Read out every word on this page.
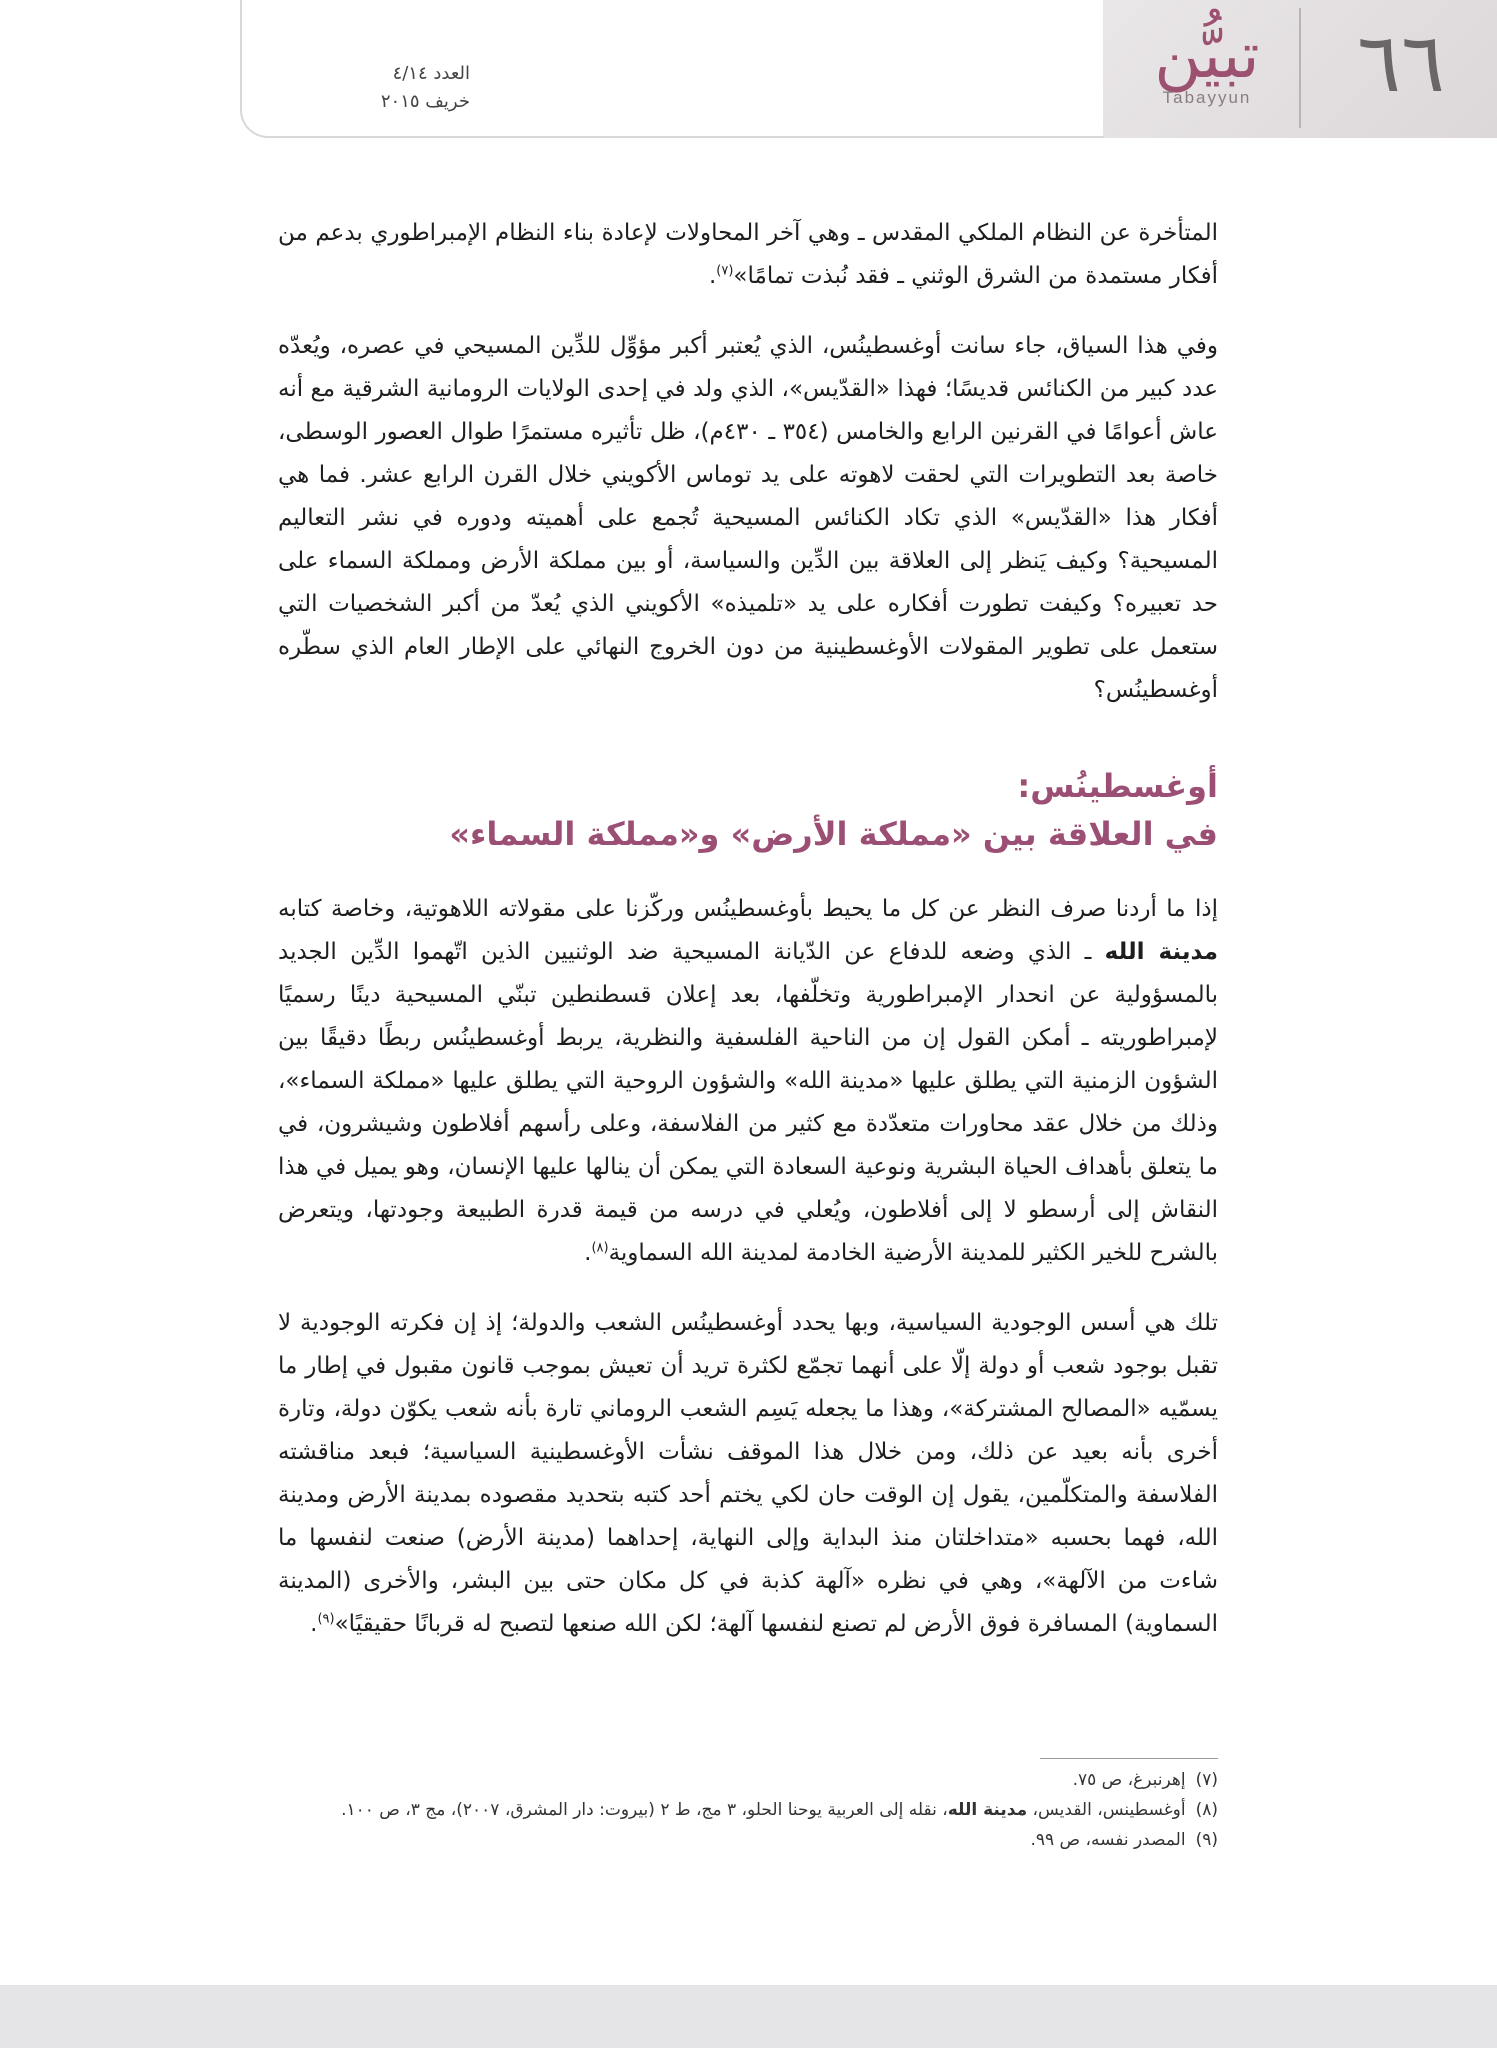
٦٦
تبيُّن
Tabayyun
العدد ٤/١٤
خريف ٢٠١٥

المتأخرة عن النظام الملكي المقدس ـ وهي آخر المحاولات لإعادة بناء النظام الإمبراطوري بدعم من أفكار مستمدة من الشرق الوثني ـ فقد نُبذت تمامًا»$^{(٧)}$.

وفي هذا السياق، جاء سانت أوغسطينُس، الذي يُعتبر أكبر مؤوِّل للدِّين المسيحي في عصره، ويُعدّه عدد كبير من الكنائس قديسًا؛ فهذا «القدّيس»، الذي ولد في إحدى الولايات الرومانية الشرقية مع أنه عاش أعوامًا في القرنين الرابع والخامس (٣٥٤ ـ ٤٣٠م)، ظل تأثيره مستمرًا طوال العصور الوسطى، خاصة بعد التطويرات التي لحقت لاهوته على يد توماس الأكويني خلال القرن الرابع عشر. فما هي أفكار هذا «القدّيس» الذي تكاد الكنائس المسيحية تُجمع على أهميته ودوره في نشر التعاليم المسيحية؟ وكيف يَنظر إلى العلاقة بين الدِّين والسياسة، أو بين مملكة الأرض ومملكة السماء على حد تعبيره؟ وكيفت تطورت أفكاره على يد «تلميذه» الأكويني الذي يُعدّ من أكبر الشخصيات التي ستعمل على تطوير المقولات الأوغسطينية من دون الخروج النهائي على الإطار العام الذي سطّره أوغسطينُس؟

أوغسطينُس:
في العلاقة بين «مملكة الأرض» و«مملكة السماء»

إذا ما أردنا صرف النظر عن كل ما يحيط بأوغسطينُس وركّزنا على مقولاته اللاهوتية، وخاصة كتابه مدينة الله ـ الذي وضعه للدفاع عن الدّيانة المسيحية ضد الوثنيين الذين اتّهموا الدِّين الجديد بالمسؤولية عن انحدار الإمبراطورية وتخلّفها، بعد إعلان قسطنطين تبنّي المسيحية دينًا رسميًا لإمبراطوريته ـ أمكن القول إن من الناحية الفلسفية والنظرية، يربط أوغسطينُس ربطًا دقيقًا بين الشؤون الزمنية التي يطلق عليها «مدينة الله» والشؤون الروحية التي يطلق عليها «مملكة السماء»، وذلك من خلال عقد محاورات متعدّدة مع كثير من الفلاسفة، وعلى رأسهم أفلاطون وشيشرون، في ما يتعلق بأهداف الحياة البشرية ونوعية السعادة التي يمكن أن ينالها عليها الإنسان، وهو يميل في هذا النقاش إلى أرسطو لا إلى أفلاطون، ويُعلي في درسه من قيمة قدرة الطبيعة وجودتها، ويتعرض بالشرح للخير الكثير للمدينة الأرضية الخادمة لمدينة الله السماوية$^{(٨)}$.

تلك هي أسس الوجودية السياسية، وبها يحدد أوغسطينُس الشعب والدولة؛ إذ إن فكرته الوجودية لا تقبل بوجود شعب أو دولة إلّا على أنهما تجمّع لكثرة تريد أن تعيش بموجب قانون مقبول في إطار ما يسمّيه «المصالح المشتركة»، وهذا ما يجعله يَسِم الشعب الروماني تارة بأنه شعب يكوّن دولة، وتارة أخرى بأنه بعيد عن ذلك، ومن خلال هذا الموقف نشأت الأوغسطينية السياسية؛ فبعد مناقشته الفلاسفة والمتكلّمين، يقول إن الوقت حان لكي يختم أحد كتبه بتحديد مقصوده بمدينة الأرض ومدينة الله، فهما بحسبه «متداخلتان منذ البداية وإلى النهاية، إحداهما (مدينة الأرض) صنعت لنفسها ما شاءت من الآلهة»، وهي في نظره «آلهة كذبة في كل مكان حتى بين البشر، والأخرى (المدينة السماوية) المسافرة فوق الأرض لم تصنع لنفسها آلهة؛ لكن الله صنعها لتصبح له قربانًا حقيقيًا»$^{(٩)}$.

(٧)إهرنبرغ، ص ٧٥.
(٨)أوغسطينس، القديس، مدينة الله، نقله إلى العربية يوحنا الحلو، ٣ مج، ط ٢ (بيروت: دار المشرق، ٢٠٠٧)، مج ٣، ص ١٠٠.
(٩)المصدر نفسه، ص ٩٩.
